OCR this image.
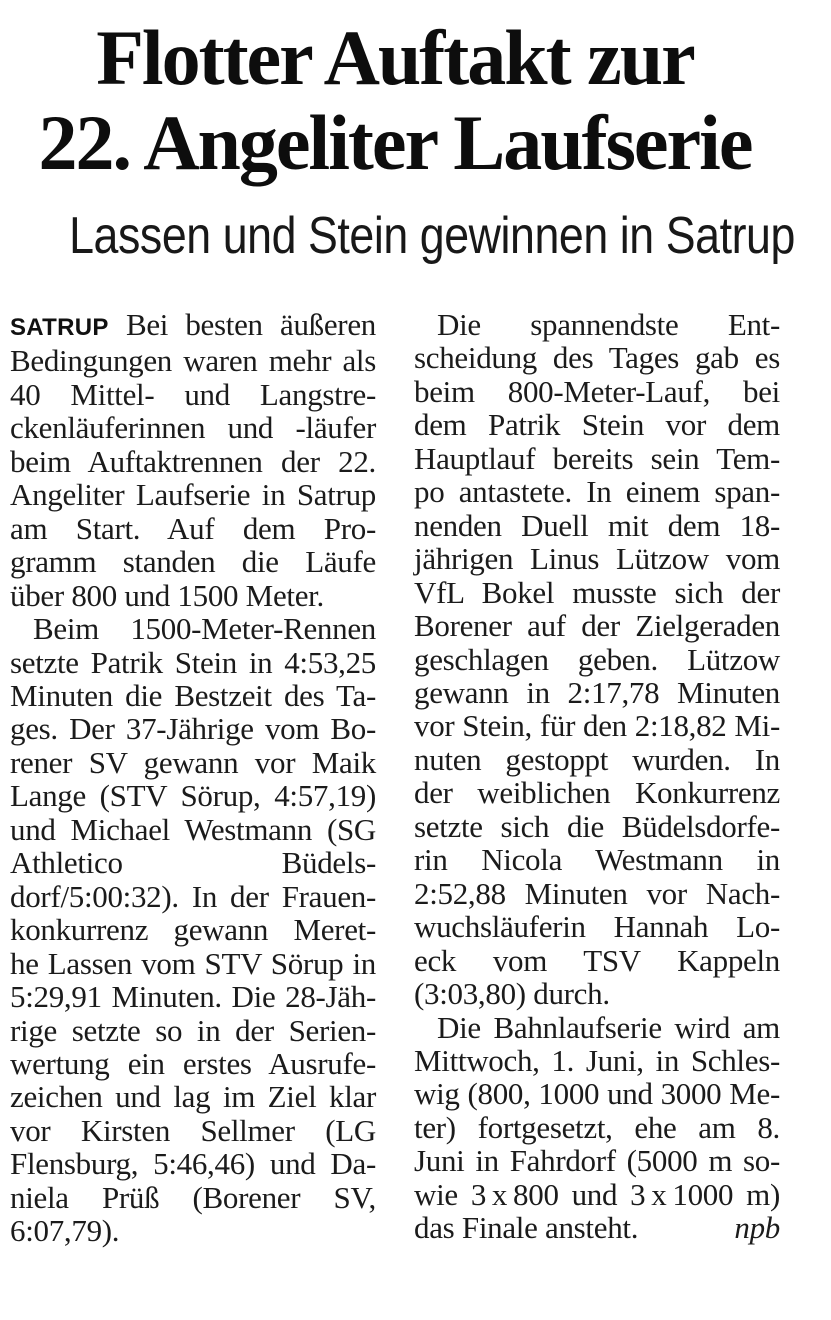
Flotter Auftakt zur
22. Angeliter Laufserie
Lassen und Stein gewinnen in Satrup
SATRUP Bei besten äußeren
Bedingungen waren mehr als
40 Mittel- und Langstre-
ckenläuferinnen und -läufer
beim Auftaktrennen der 22.
Angeliter Laufserie in Satrup
am Start. Auf dem Pro-
gramm standen die Läufe
über 800 und 1500 Meter.
Beim 1500-Meter-Rennen
setzte Patrik Stein in 4:53,25
Minuten die Bestzeit des Ta-
ges. Der 37-Jährige vom Bo-
rener SV gewann vor Maik
Lange (STV Sörup, 4:57,19)
und Michael Westmann (SG
Athletico Büdels-
dorf/5:00:32). In der Frauen-
konkurrenz gewann Meret-
he Lassen vom STV Sörup in
5:29,91 Minuten. Die 28-Jäh-
rige setzte so in der Serien-
wertung ein erstes Ausrufe-
zeichen und lag im Ziel klar
vor Kirsten Sellmer (LG
Flensburg, 5:46,46) und Da-
niela Prüß (Borener SV,
6:07,79).
Die spannendste Ent-
scheidung des Tages gab es
beim 800-Meter-Lauf, bei
dem Patrik Stein vor dem
Hauptlauf bereits sein Tem-
po antastete. In einem span-
nenden Duell mit dem 18-
jährigen Linus Lützow vom
VfL Bokel musste sich der
Borener auf der Zielgeraden
geschlagen geben. Lützow
gewann in 2:17,78 Minuten
vor Stein, für den 2:18,82 Mi-
nuten gestoppt wurden. In
der weiblichen Konkurrenz
setzte sich die Büdelsdorfe-
rin Nicola Westmann in
2:52,88 Minuten vor Nach-
wuchsläuferin Hannah Lo-
eck vom TSV Kappeln
(3:03,80) durch.
Die Bahnlaufserie wird am
Mittwoch, 1. Juni, in Schles-
wig (800, 1000 und 3000 Me-
ter) fortgesetzt, ehe am 8.
Juni in Fahrdorf (5000 m so-
wie 3 x 800 und 3 x 1000 m)
das Finale ansteht.	npb
